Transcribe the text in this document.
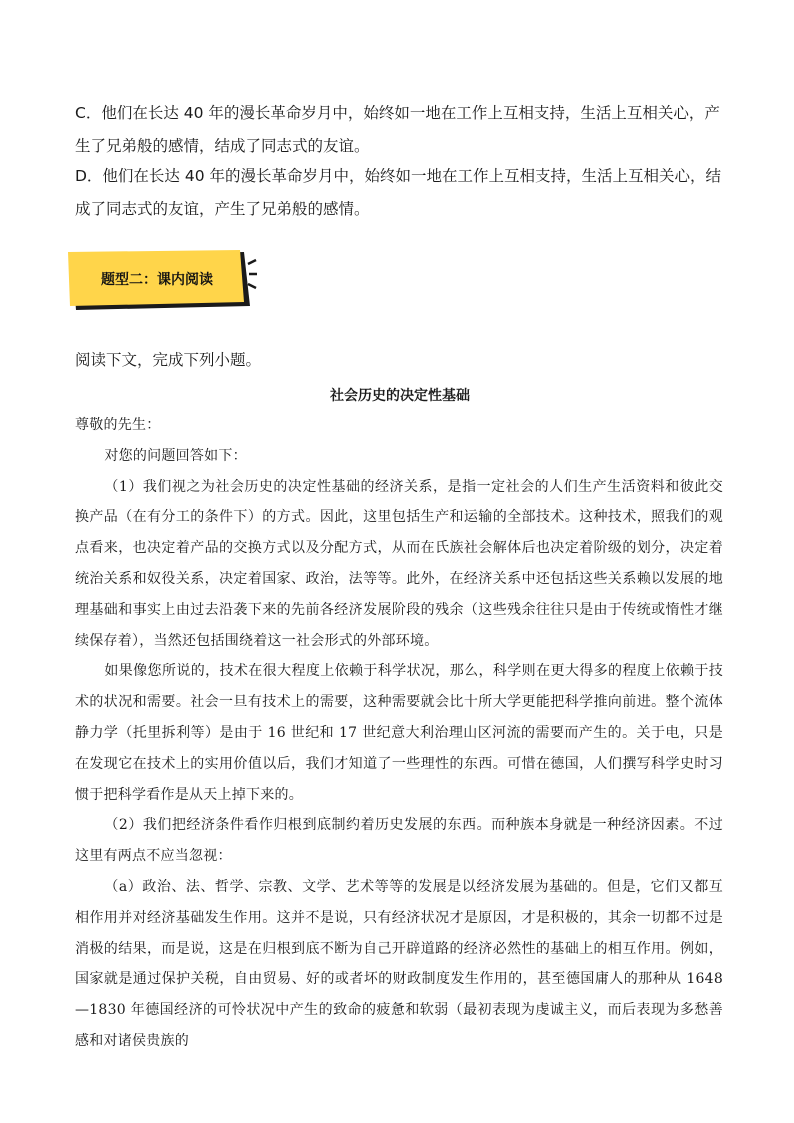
C．他们在长达 40 年的漫长革命岁月中，始终如一地在工作上互相支持，生活上互相关心，产生了兄弟般的感情，结成了同志式的友谊。

D．他们在长达 40 年的漫长革命岁月中，始终如一地在工作上互相支持，生活上互相关心，结成了同志式的友谊，产生了兄弟般的感情。

题型二：课内阅读

阅读下文，完成下列小题。

社会历史的决定性基础

尊敬的先生：

对您的问题回答如下：

（1）我们视之为社会历史的决定性基础的经济关系，是指一定社会的人们生产生活资料和彼此交换产品（在有分工的条件下）的方式。因此，这里包括生产和运输的全部技术。这种技术，照我们的观点看来，也决定着产品的交换方式以及分配方式，从而在氏族社会解体后也决定着阶级的划分，决定着统治关系和奴役关系，决定着国家、政治，法等等。此外，在经济关系中还包括这些关系赖以发展的地理基础和事实上由过去沿袭下来的先前各经济发展阶段的残余（这些残余往往只是由于传统或惰性才继续保存着），当然还包括围绕着这一社会形式的外部环境。

如果像您所说的，技术在很大程度上依赖于科学状况，那么，科学则在更大得多的程度上依赖于技术的状况和需要。社会一旦有技术上的需要，这种需要就会比十所大学更能把科学推向前进。整个流体静力学（托里拆利等）是由于 16 世纪和 17 世纪意大利治理山区河流的需要而产生的。关于电，只是在发现它在技术上的实用价值以后，我们才知道了一些理性的东西。可惜在德国，人们撰写科学史时习惯于把科学看作是从天上掉下来的。

（2）我们把经济条件看作归根到底制约着历史发展的东西。而种族本身就是一种经济因素。不过这里有两点不应当忽视：

（a）政治、法、哲学、宗教、文学、艺术等等的发展是以经济发展为基础的。但是，它们又都互相作用并对经济基础发生作用。这并不是说，只有经济状况才是原因，才是积极的，其余一切都不过是消极的结果，而是说，这是在归根到底不断为自己开辟道路的经济必然性的基础上的相互作用。例如，国家就是通过保护关税，自由贸易、好的或者坏的财政制度发生作用的，甚至德国庸人的那种从 1648—1830 年德国经济的可怜状况中产生的致命的疲惫和软弱（最初表现为虔诚主义，而后表现为多愁善感和对诸侯贵族的
